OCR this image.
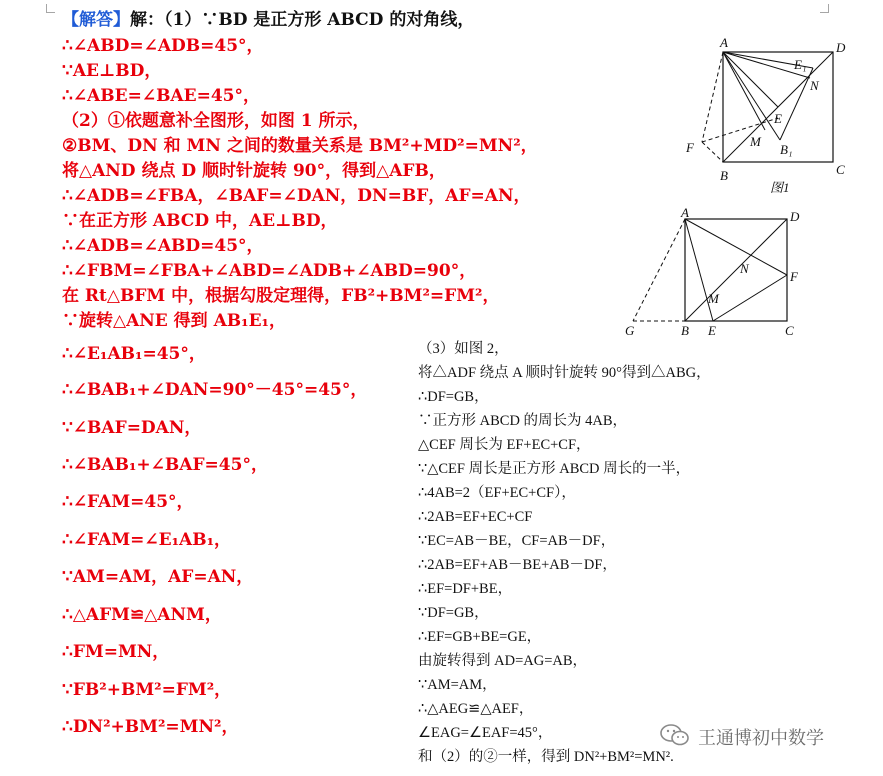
【解答】解：（1）∵BD 是正方形 ABCD 的对角线，
∴∠ABD=∠ADB=45°，
∵AE⊥BD，
∴∠ABE=∠BAE=45°，
（2）①依题意补全图形，如图 1 所示，
②BM、DN 和 MN 之间的数量关系是 BM²+MD²=MN²，
将△AND 绕点 D 顺时针旋转 90°，得到△AFB，
∴∠ADB=∠FBA，∠BAF=∠DAN，DN=BF，AF=AN，
∵在正方形 ABCD 中，AE⊥BD，
∴∠ADB=∠ABD=45°，
∴∠FBM=∠FBA+∠ABD=∠ADB+∠ABD=90°，
在 Rt△BFM 中，根据勾股定理得，FB²+BM²=FM²，
∵旋转△ANE 得到 AB₁E₁，
∴∠E₁AB₁=45°，
∴∠BAB₁+∠DAN=90°－45°=45°，
∵∠BAF=DAN，
∴∠BAB₁+∠BAF=45°，
∴∠FAM=45°，
∴∠FAM=∠E₁AB₁，
∵AM=AM，AF=AN，
∴△AFM≌△ANM，
∴FM=MN，
∵FB²+BM²=FM²，
∴DN²+BM²=MN²，
（3）如图 2，
将△ADF 绕点 A 顺时针旋转 90°得到△ABG，
∴DF=GB，
∵正方形 ABCD 的周长为 4AB，
△CEF 周长为 EF+EC+CF，
∵△CEF 周长是正方形 ABCD 周长的一半，
∴4AB=2（EF+EC+CF），
∴2AB=EF+EC+CF
∵EC=AB－BE，CF=AB－DF，
∴2AB=EF+AB－BE+AB－DF，
∴EF=DF+BE，
∵DF=GB，
∴EF=GB+BE=GE，
由旋转得到 AD=AG=AB，
∵AM=AM，
∴△AEG≌△AEF，
∠EAG=∠EAF=45°，
和（2）的②一样，得到 DN²+BM²=MN².
A	D
B	C
E
E₁
N
M
B₁
F
图1
A	D
B	C
E
N
M
F
G
王通博初中数学
